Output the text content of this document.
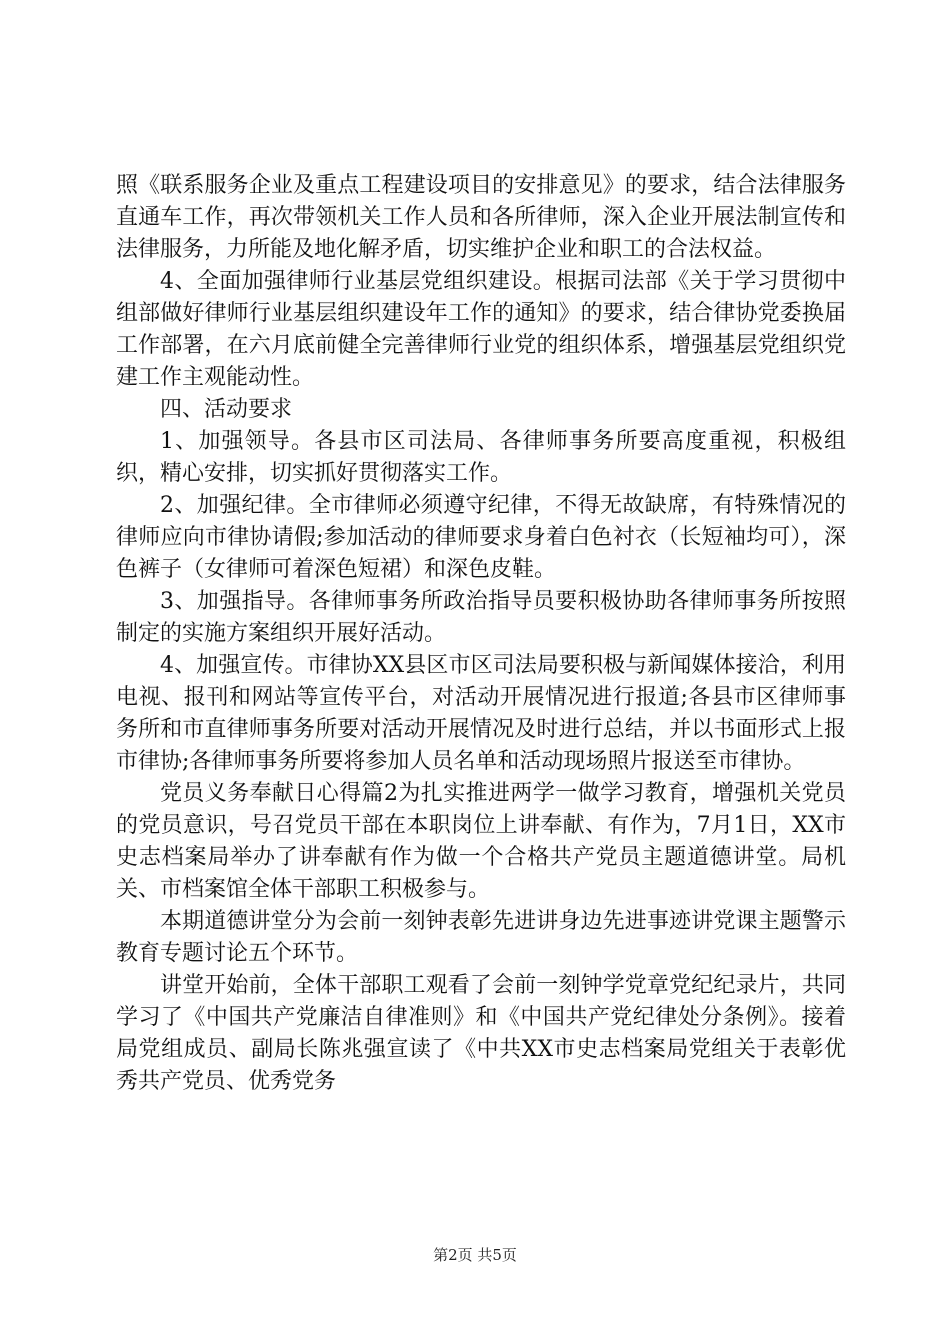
照《联系服务企业及重点工程建设项目的安排意见》的要求，结合法律服务直通车工作，再次带领机关工作人员和各所律师，深入企业开展法制宣传和法律服务，力所能及地化解矛盾，切实维护企业和职工的合法权益。

4、全面加强律师行业基层党组织建设。根据司法部《关于学习贯彻中组部做好律师行业基层组织建设年工作的通知》的要求，结合律协党委换届工作部署，在六月底前健全完善律师行业党的组织体系，增强基层党组织党建工作主观能动性。

四、活动要求

1、加强领导。各县市区司法局、各律师事务所要高度重视，积极组织，精心安排，切实抓好贯彻落实工作。

2、加强纪律。全市律师必须遵守纪律，不得无故缺席，有特殊情况的律师应向市律协请假;参加活动的律师要求身着白色衬衣（长短袖均可），深色裤子（女律师可着深色短裙）和深色皮鞋。

3、加强指导。各律师事务所政治指导员要积极协助各律师事务所按照制定的实施方案组织开展好活动。

4、加强宣传。市律协XX县区市区司法局要积极与新闻媒体接洽，利用电视、报刊和网站等宣传平台，对活动开展情况进行报道;各县市区律师事务所和市直律师事务所要对活动开展情况及时进行总结，并以书面形式上报市律协;各律师事务所要将参加人员名单和活动现场照片报送至市律协。

党员义务奉献日心得篇2为扎实推进两学一做学习教育，增强机关党员的党员意识，号召党员干部在本职岗位上讲奉献、有作为，7月1日，XX市史志档案局举办了讲奉献有作为做一个合格共产党员主题道德讲堂。局机关、市档案馆全体干部职工积极参与。

本期道德讲堂分为会前一刻钟表彰先进讲身边先进事迹讲党课主题警示教育专题讨论五个环节。

讲堂开始前，全体干部职工观看了会前一刻钟学党章党纪纪录片，共同学习了《中国共产党廉洁自律准则》和《中国共产党纪律处分条例》。接着局党组成员、副局长陈兆强宣读了《中共XX市史志档案局党组关于表彰优秀共产党员、优秀党务

第2页 共5页
